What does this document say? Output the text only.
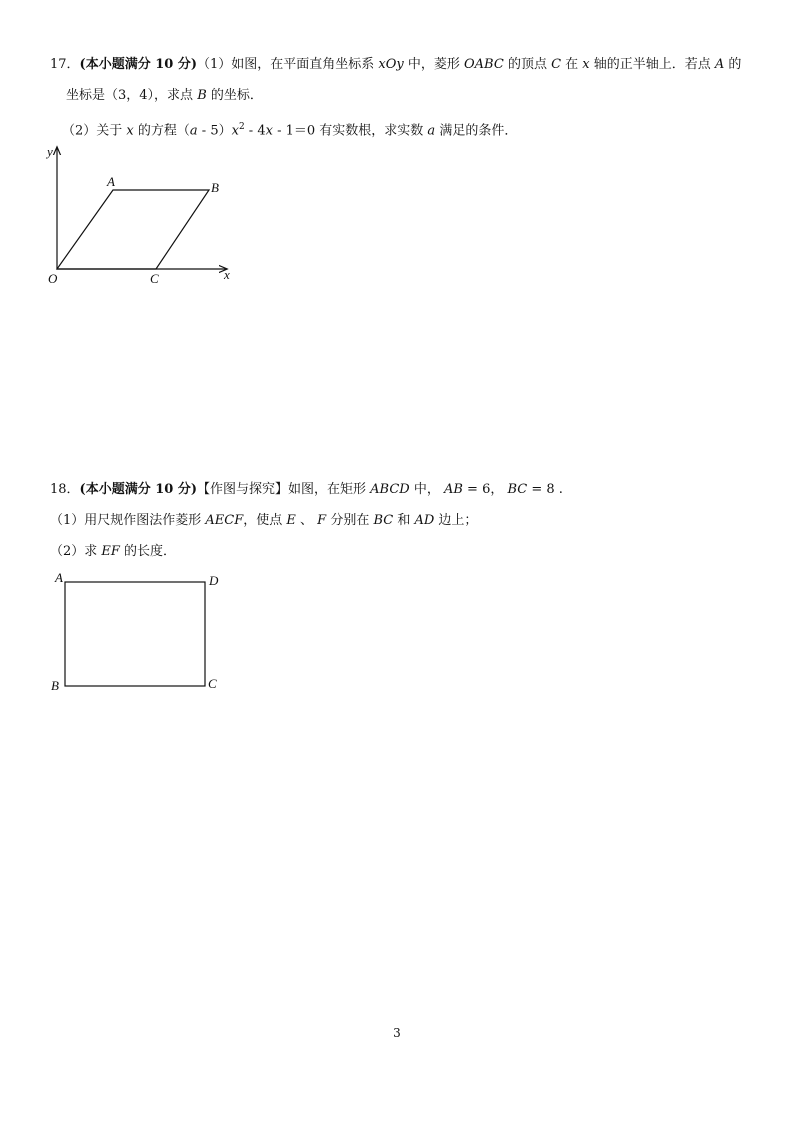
17．(本小题满分 10 分)（1）如图，在平面直角坐标系 xOy 中，菱形 OABC 的顶点 C 在 x 轴的正半轴上．若点 A 的
坐标是（3，4），求点 B 的坐标．
（2）关于 x 的方程$(a - 5)x^2 - 4x - 1=0$ 有实数根，求实数 a 满足的条件．
y
x
O
A	B
C
18．(本小题满分 10 分)【作图与探究】如图，在矩形 ABCD 中， AB = 6， BC = 8 .
（1）用尺规作图法作菱形 AECF，使点 E 、 F 分别在 BC 和 AD 边上；
（2）求 EF 的长度．
A	D
B	C
3
